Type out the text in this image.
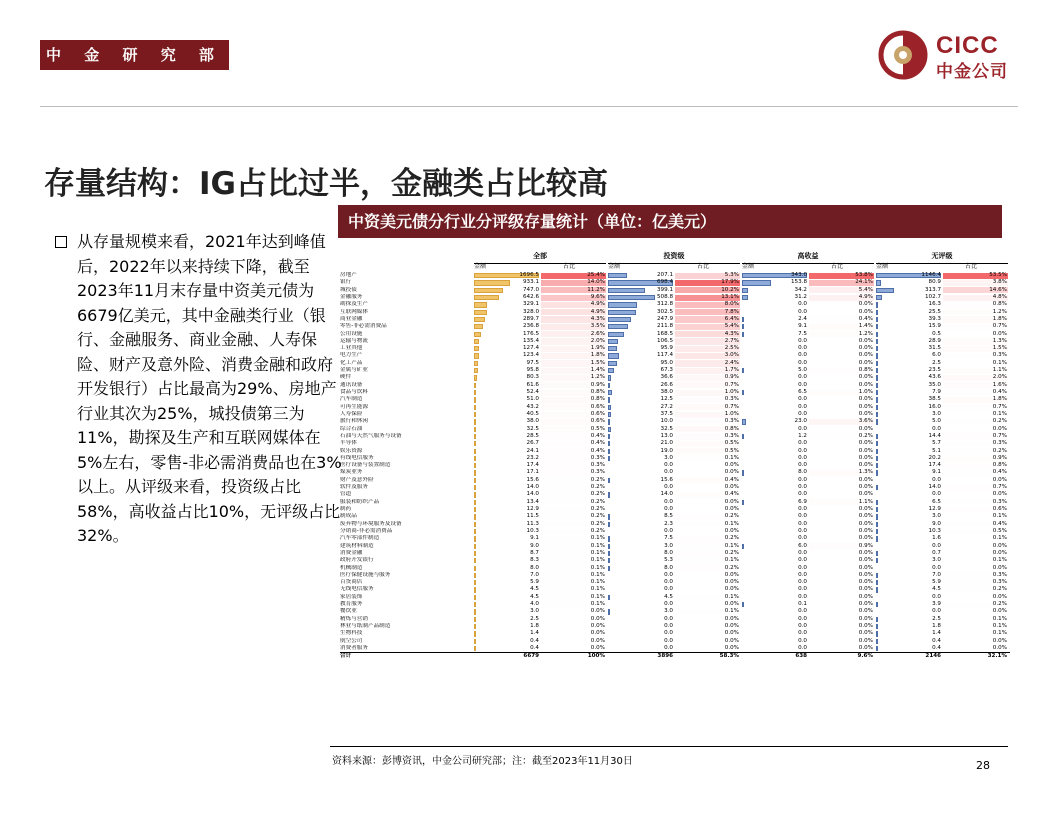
中 金 研 究 部	CICC
中金公司
存量结构：IG占比过半，金融类占比较高
从存量规模来看，2021年达到峰值后，2022年以来持续下降，截至2023年11月末存量中资美元债为6679亿美元，其中金融类行业（银行、金融服务、商业金融、人寿保险、财产及意外险、消费金融和政府开发银行）占比最高为29%、房地产行业其次为25%，城投债第三为11%，勘探及生产和互联网媒体在5%左右，零售-非必需消费品也在3%以上。从评级来看，投资级占比58%，高收益占比10%，无评级占比32%。
中资美元债分行业分评级存量统计（单位：亿美元）
全部
金额	占比
投资级
金额	占比
高收益
金额	占比
无评级
金额	占比
房地产	1696.5	25.4%	207.1	5.3%	343.0	53.8%	1146.4	53.5%
银行	933.1	14.0%	698.4	17.9%	153.8	24.1%	80.9	3.8%
城投债	747.0	11.2%	399.1	10.2%	34.2	5.4%	313.7	14.6%
金融服务	642.6	9.6%	508.8	13.1%	31.2	4.9%	102.7	4.8%
勘探及生产	329.1	4.9%	312.8	8.0%	0.0	0.0%	16.3	0.8%
互联网媒体	328.0	4.9%	302.5	7.8%	0.0	0.0%	25.5	1.2%
商业金融	289.7	4.3%	247.9	6.4%	2.4	0.4%	39.3	1.8%
零售-非必需消费品	236.8	3.5%	211.8	5.4%	9.1	1.4%	15.9	0.7%
公用设施	176.5	2.6%	168.5	4.3%	7.5	1.2%	0.5	0.0%
运输与物流	135.4	2.0%	106.5	2.7%	0.0	0.0%	28.9	1.3%
工业其他	127.4	1.9%	95.9	2.5%	0.0	0.0%	31.5	1.5%
电力生产	123.4	1.8%	117.4	3.0%	0.0	0.0%	6.0	0.3%
化工产品	97.5	1.5%	95.0	2.4%	0.0	0.0%	2.5	0.1%
金属与矿业	95.8	1.4%	67.3	1.7%	5.0	0.8%	23.5	1.1%
硬件	80.3	1.2%	36.6	0.9%	0.0	0.0%	43.6	2.0%
通讯设备	61.6	0.9%	26.6	0.7%	0.0	0.0%	35.0	1.6%
食品与饮料	52.4	0.8%	38.0	1.0%	6.5	1.0%	7.9	0.4%
汽车制造	51.0	0.8%	12.5	0.3%	0.0	0.0%	38.5	1.8%
可再生能源	43.2	0.6%	27.2	0.7%	0.0	0.0%	16.0	0.7%
人寿保险	40.5	0.6%	37.5	1.0%	0.0	0.0%	3.0	0.1%
旅行和休闲	38.0	0.6%	10.0	0.3%	23.0	3.6%	5.0	0.2%
综合石油	32.5	0.5%	32.5	0.8%	0.0	0.0%	0.0	0.0%
石油与天然气服务与设备	28.5	0.4%	13.0	0.3%	1.2	0.2%	14.4	0.7%
半导体	26.7	0.4%	21.0	0.5%	0.0	0.0%	5.7	0.3%
娱乐资源	24.1	0.4%	19.0	0.5%	0.0	0.0%	5.1	0.2%
有线电信服务	23.2	0.3%	3.0	0.1%	0.0	0.0%	20.2	0.9%
医疗设备与装置制造	17.4	0.3%	0.0	0.0%	0.0	0.0%	17.4	0.8%
煤炭业务	17.1	0.3%	0.0	0.0%	8.0	1.3%	9.1	0.4%
财产及意外险	15.6	0.2%	15.6	0.4%	0.0	0.0%	0.0	0.0%
软件及服务	14.0	0.2%	0.0	0.0%	0.0	0.0%	14.0	0.7%
管道	14.0	0.2%	14.0	0.4%	0.0	0.0%	0.0	0.0%
服装和纺织产品	13.4	0.2%	0.0	0.0%	6.9	1.1%	6.5	0.3%
制药	12.9	0.2%	0.0	0.0%	0.0	0.0%	12.9	0.6%
制成品	11.5	0.2%	8.5	0.2%	0.0	0.0%	3.0	0.1%
废弃物与环境服务及设备	11.3	0.2%	2.3	0.1%	0.0	0.0%	9.0	0.4%
分销商-非必需消费品	10.3	0.2%	0.0	0.0%	0.0	0.0%	10.3	0.5%
汽车零部件制造	9.1	0.1%	7.5	0.2%	0.0	0.0%	1.6	0.1%
建筑材料制造	9.0	0.1%	3.0	0.1%	6.0	0.9%	0.0	0.0%
消费金融	8.7	0.1%	8.0	0.2%	0.0	0.0%	0.7	0.0%
政府开发银行	8.3	0.1%	5.3	0.1%	0.0	0.0%	3.0	0.1%
机械制造	8.0	0.1%	8.0	0.2%	0.0	0.0%	0.0	0.0%
医疗保健设施与服务	7.0	0.1%	0.0	0.0%	0.0	0.0%	7.0	0.3%
百货商店	5.9	0.1%	0.0	0.0%	0.0	0.0%	5.9	0.3%
无线电信服务	4.5	0.1%	0.0	0.0%	0.0	0.0%	4.5	0.2%
家居装饰	4.5	0.1%	4.5	0.1%	0.0	0.0%	0.0	0.0%
教育服务	4.0	0.1%	0.0	0.0%	0.1	0.0%	3.9	0.2%
餐饮业	3.0	0.0%	3.0	0.1%	0.0	0.0%	0.0	0.0%
精炼与营销	2.5	0.0%	0.0	0.0%	0.0	0.0%	2.5	0.1%
林业与纸制产品制造	1.8	0.0%	0.0	0.0%	0.0	0.0%	1.8	0.1%
生物科技	1.4	0.0%	0.0	0.0%	0.0	0.0%	1.4	0.1%
航空公司	0.4	0.0%	0.0	0.0%	0.0	0.0%	0.4	0.0%
消费者服务	0.4	0.0%	0.0	0.0%	0.0	0.0%	0.4	0.0%
合计	6679	100%	3896	58.3%	638	9.6%	2146	32.1%
资料来源：彭博资讯，中金公司研究部；注：截至2023年11月30日	28
